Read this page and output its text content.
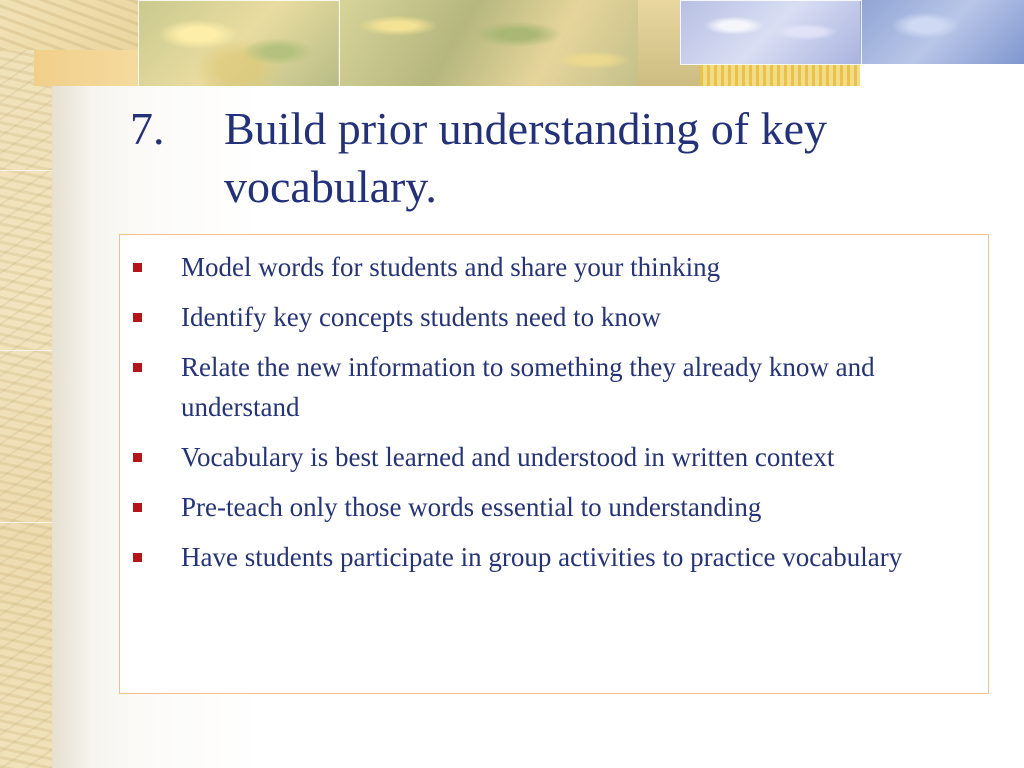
7.	Build prior understanding of key vocabulary.
Model words for students and share your thinking
Identify key concepts students need to know
Relate the new information to something they already know and understand
Vocabulary is best learned and understood in written context
Pre-teach only those words essential to understanding
Have students participate in group activities to practice vocabulary
